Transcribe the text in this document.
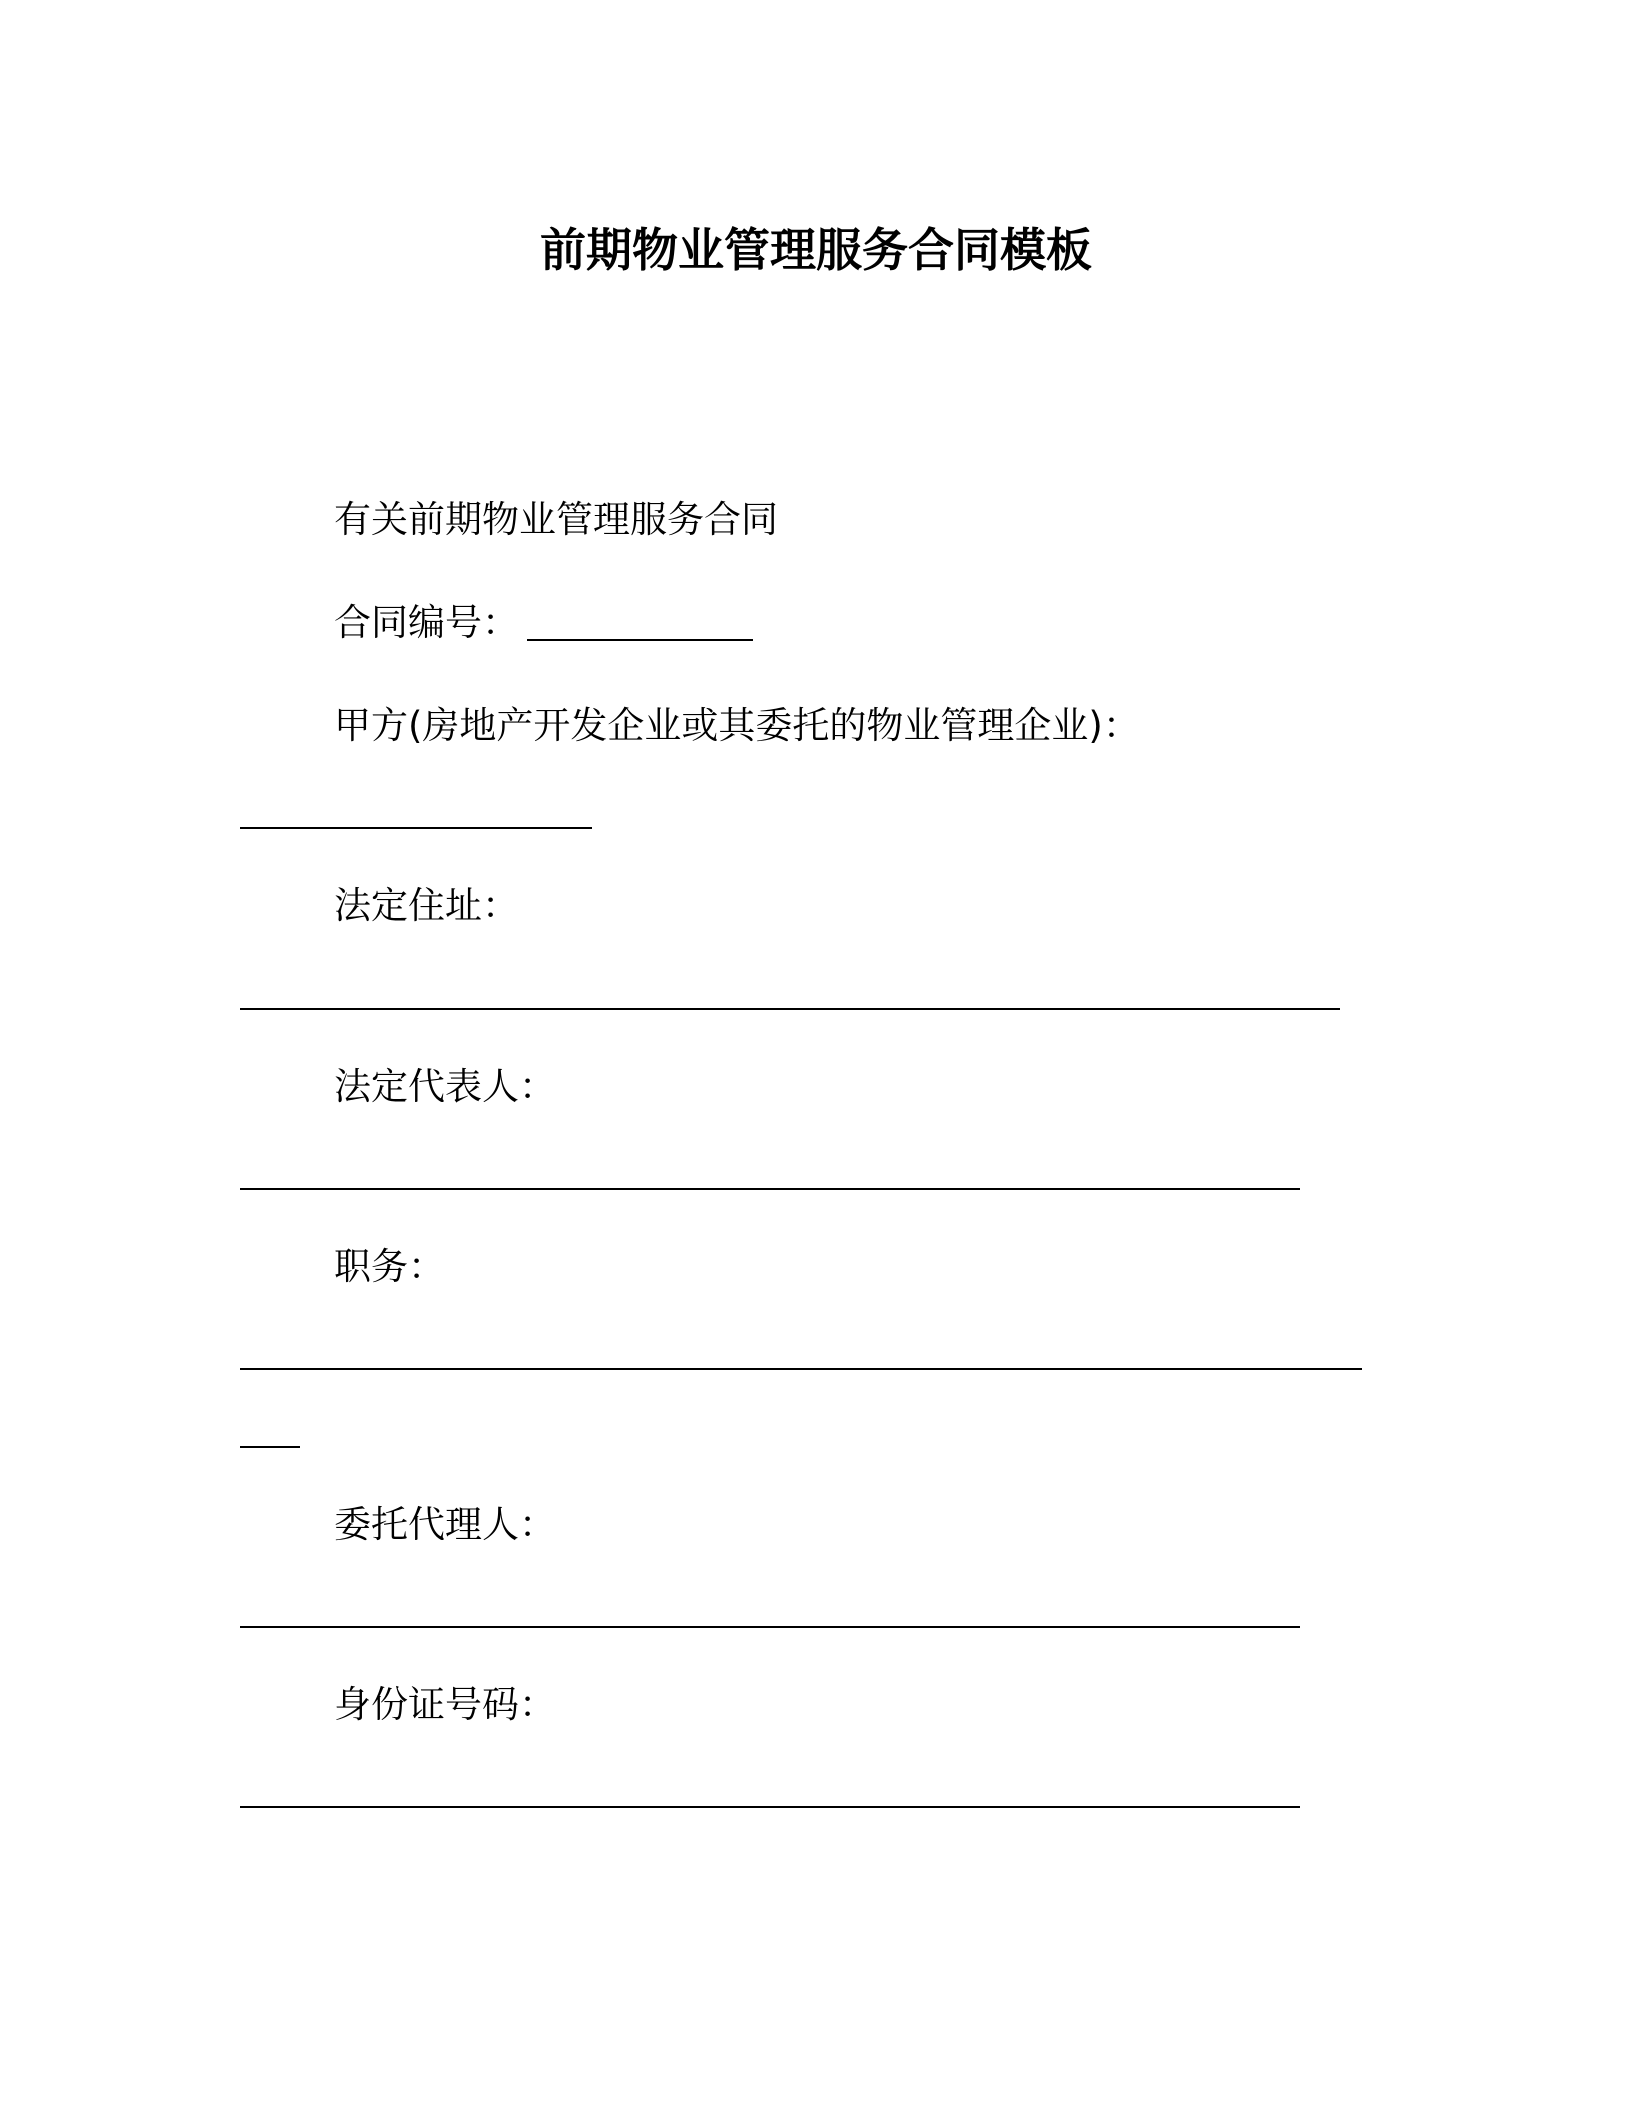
前期物业管理服务合同模板
有关前期物业管理服务合同
合同编号：
甲方(房地产开发企业或其委托的物业管理企业)：
法定住址：
法定代表人：
职务：
委托代理人：
身份证号码：
